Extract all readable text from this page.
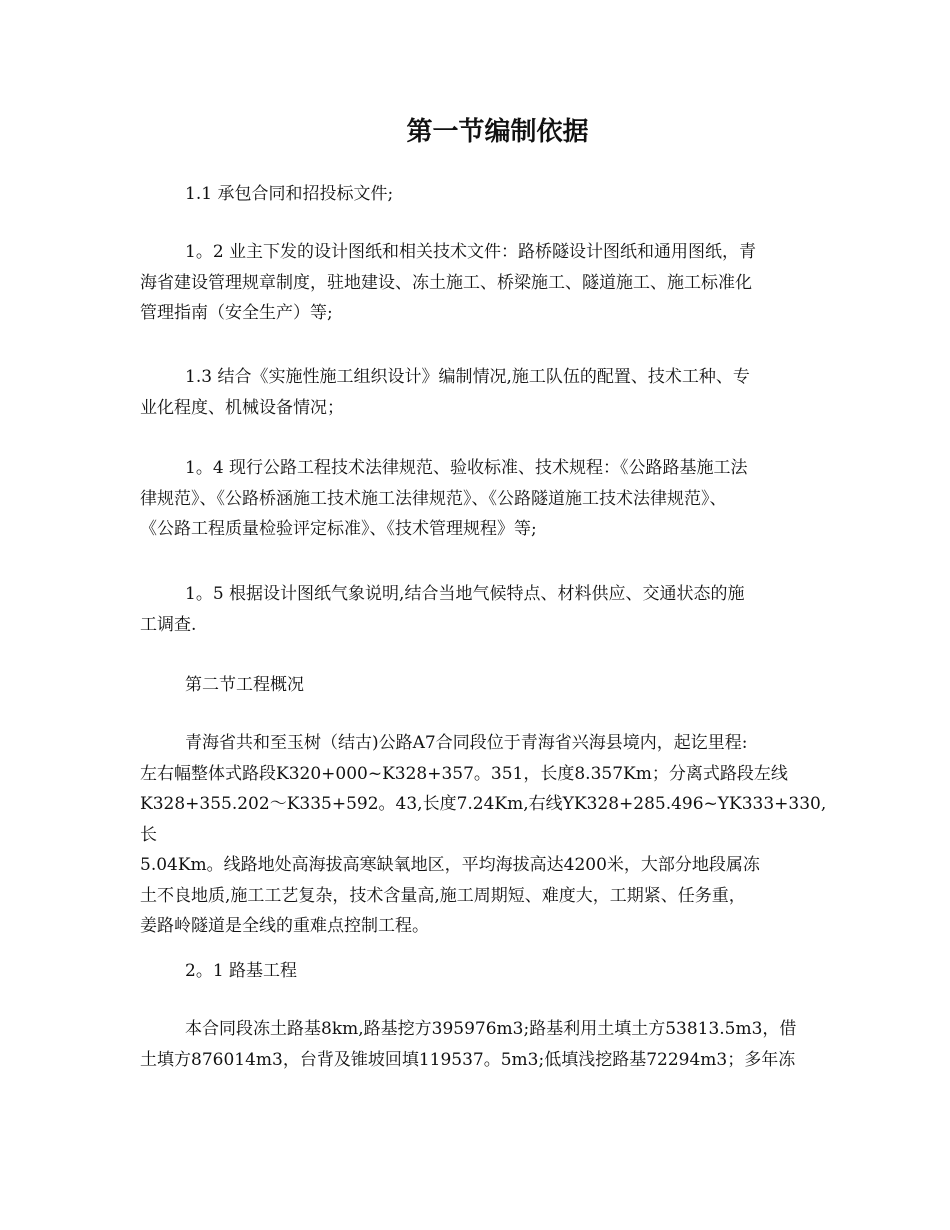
第一节编制依据
1.1 承包合同和招投标文件;
1。2 业主下发的设计图纸和相关技术文件：路桥隧设计图纸和通用图纸，青
海省建设管理规章制度，驻地建设、冻土施工、桥梁施工、隧道施工、施工标准化
管理指南（安全生产）等;
1.3 结合《实施性施工组织设计》编制情况,施工队伍的配置、技术工种、专
业化程度、机械设备情况；
1。4 现行公路工程技术法律规范、验收标准、技术规程：《公路路基施工法
律规范》、《公路桥涵施工技术施工法律规范》、《公路隧道施工技术法律规范》、
《公路工程质量检验评定标准》、《技术管理规程》等;
1。5 根据设计图纸气象说明,结合当地气候特点、材料供应、交通状态的施
工调查.
第二节工程概况
青海省共和至玉树（结古)公路A7合同段位于青海省兴海县境内，起讫里程:
左右幅整体式路段K320+000~K328+357。351，长度8.357Km；分离式路段左线
K328+355.202～K335+592。43,长度7.24Km,右线YK328+285.496~YK333+330,长
5.04Km。线路地处高海拔高寒缺氧地区，平均海拔高达4200米，大部分地段属冻
土不良地质,施工工艺复杂，技术含量高,施工周期短、难度大，工期紧、任务重，
姜路岭隧道是全线的重难点控制工程。
2。1 路基工程
本合同段冻土路基8km,路基挖方395976m3;路基利用土填土方53813.5m3，借
土填方876014m3，台背及锥坡回填119537。5m3;低填浅挖路基72294m3；多年冻
